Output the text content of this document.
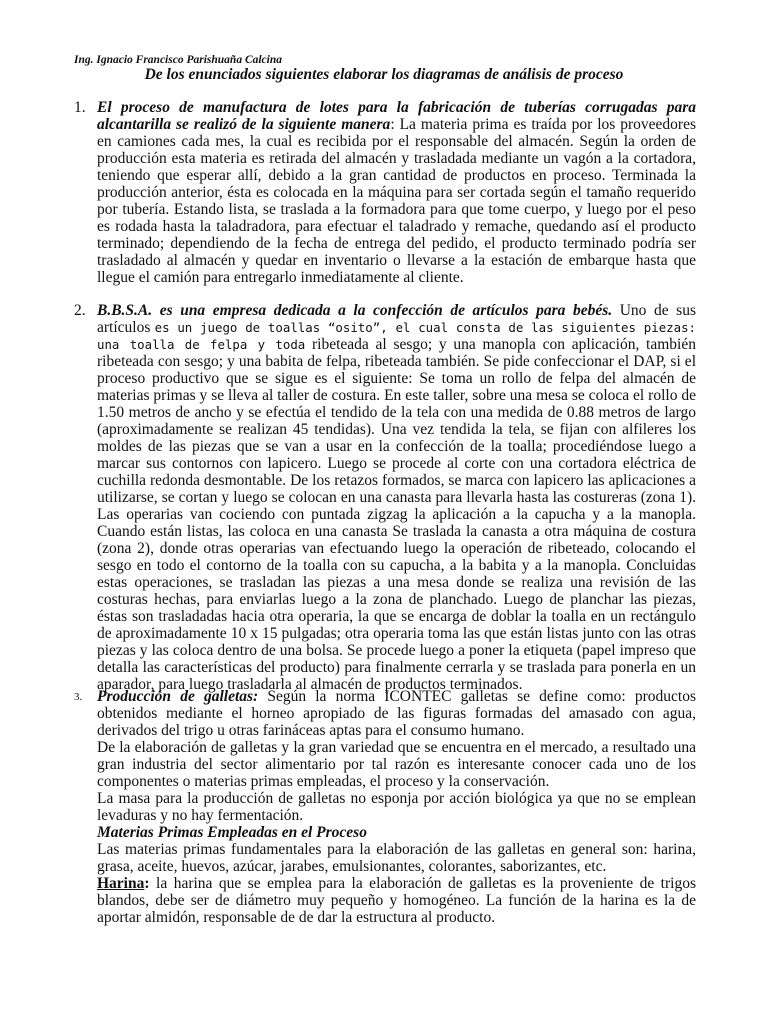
Ing. Ignacio Francisco Parishuaña Calcina
De los enunciados siguientes elaborar los diagramas de análisis de proceso
1. El proceso de manufactura de lotes para la fabricación de tuberías corrugadas para alcantarilla se realizó de la siguiente manera: La materia prima es traída por los proveedores en camiones cada mes, la cual es recibida por el responsable del almacén. Según la orden de producción esta materia es retirada del almacén y trasladada mediante un vagón a la cortadora, teniendo que esperar allí, debido a la gran cantidad de productos en proceso. Terminada la producción anterior, ésta es colocada en la máquina para ser cortada según el tamaño requerido por tubería. Estando lista, se traslada a la formadora para que tome cuerpo, y luego por el peso es rodada hasta la taladradora, para efectuar el taladrado y remache, quedando así el producto terminado; dependiendo de la fecha de entrega del pedido, el producto terminado podría ser trasladado al almacén y quedar en inventario o llevarse a la estación de embarque hasta que llegue el camión para entregarlo inmediatamente al cliente.

2. B.B.S.A. es una empresa dedicada a la confección de artículos para bebés. Uno de sus artículos es un juego de toallas “osito”, el cual consta de las siguientes piezas: una toalla de felpa y toda ribeteada al sesgo; y una manopla con aplicación, también ribeteada con sesgo; y una babita de felpa, ribeteada también. Se pide confeccionar el DAP, si el proceso productivo que se sigue es el siguiente: Se toma un rollo de felpa del almacén de materias primas y se lleva al taller de costura. En este taller, sobre una mesa se coloca el rollo de 1.50 metros de ancho y se efectúa el tendido de la tela con una medida de 0.88 metros de largo (aproximadamente se realizan 45 tendidas). Una vez tendida la tela, se fijan con alfileres los moldes de las piezas que se van a usar en la confección de la toalla; procediéndose luego a marcar sus contornos con lapicero. Luego se procede al corte con una cortadora eléctrica de cuchilla redonda desmontable. De los retazos formados, se marca con lapicero las aplicaciones a utilizarse, se cortan y luego se colocan en una canasta para llevarla hasta las costureras (zona 1). Las operarias van cociendo con puntada zigzag la aplicación a la capucha y a la manopla. Cuando están listas, las coloca en una canasta Se traslada la canasta a otra máquina de costura (zona 2), donde otras operarias van efectuando luego la operación de ribeteado, colocando el sesgo en todo el contorno de la toalla con su capucha, a la babita y a la manopla. Concluidas estas operaciones, se trasladan las piezas a una mesa donde se realiza una revisión de las costuras hechas, para enviarlas luego a la zona de planchado. Luego de planchar las piezas, éstas son trasladadas hacia otra operaria, la que se encarga de doblar la toalla en un rectángulo de aproximadamente 10 x 15 pulgadas; otra operaria toma las que están listas junto con las otras piezas y las coloca dentro de una bolsa. Se procede luego a poner la etiqueta (papel impreso que detalla las características del producto) para finalmente cerrarla y se traslada para ponerla en un aparador, para luego trasladarla al almacén de productos terminados.

3. Producción de galletas: Según la norma ICONTEC galletas se define como: productos obtenidos mediante el horneo apropiado de las figuras formadas del amasado con agua, derivados del trigo u otras farináceas aptas para el consumo humano.

De la elaboración de galletas y la gran variedad que se encuentra en el mercado, a resultado una gran industria del sector alimentario por tal razón es interesante conocer cada uno de los componentes o materias primas empleadas, el proceso y la conservación.

La masa para la producción de galletas no esponja por acción biológica ya que no se emplean levaduras y no hay fermentación.

Materias Primas Empleadas en el Proceso

Las materias primas fundamentales para la elaboración de las galletas en general son: harina, grasa, aceite, huevos, azúcar, jarabes, emulsionantes, colorantes, saborizantes, etc.

Harina: la harina que se emplea para la elaboración de galletas es la proveniente de trigos blandos, debe ser de diámetro muy pequeño y homogéneo. La función de la harina es la de aportar almidón, responsable de de dar la estructura al producto.
